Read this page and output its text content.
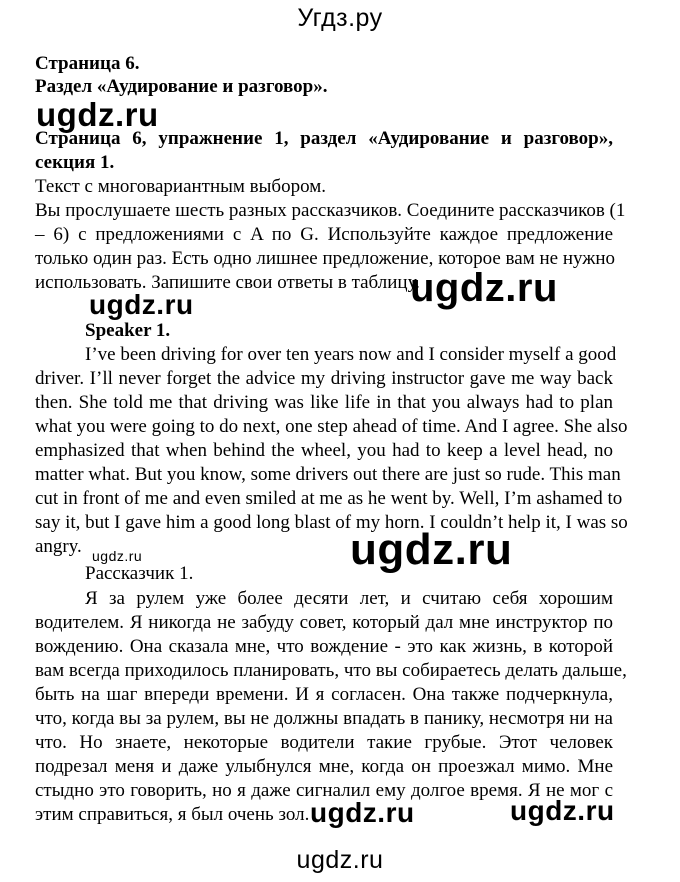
Угдз.ру
Страница 6.
Раздел «Аудирование и разговор».
ugdz.ru
Страница 6, упражнение 1, раздел «Аудирование и разговор»,
секция 1.
Текст с многовариантным выбором.
Вы прослушаете шесть разных рассказчиков. Соедините рассказчиков (1
– 6) с предложениями с A по G. Используйте каждое предложение
только один раз. Есть одно лишнее предложение, которое вам не нужно
использовать. Запишите свои ответы в таблицу.
ugdz.ru
ugdz.ru
Speaker 1.
I’ve been driving for over ten years now and I consider myself a good
driver. I’ll never forget the advice my driving instructor gave me way back
then. She told me that driving was like life in that you always had to plan
what you were going to do next, one step ahead of time. And I agree. She also
emphasized that when behind the wheel, you had to keep a level head, no
matter what. But you know, some drivers out there are just so rude. This man
cut in front of me and even smiled at me as he went by. Well, I’m ashamed to
say it, but I gave him a good long blast of my horn. I couldn’t help it, I was so
angry. ugdz.ru	ugdz.ru
Рассказчик 1.
Я за рулем уже более десяти лет, и считаю себя хорошим
водителем. Я никогда не забуду совет, который дал мне инструктор по
вождению. Она сказала мне, что вождение - это как жизнь, в которой
вам всегда приходилось планировать, что вы собираетесь делать дальше,
быть на шаг впереди времени. И я согласен. Она также подчеркнула,
что, когда вы за рулем, вы не должны впадать в панику, несмотря ни на
что. Но знаете, некоторые водители такие грубые. Этот человек
подрезал меня и даже улыбнулся мне, когда он проезжал мимо. Мне
стыдно это говорить, но я даже сигналил ему долгое время. Я не мог с
этим справиться, я был очень зол. ugdz.ru	ugdz.ru
ugdz.ru
